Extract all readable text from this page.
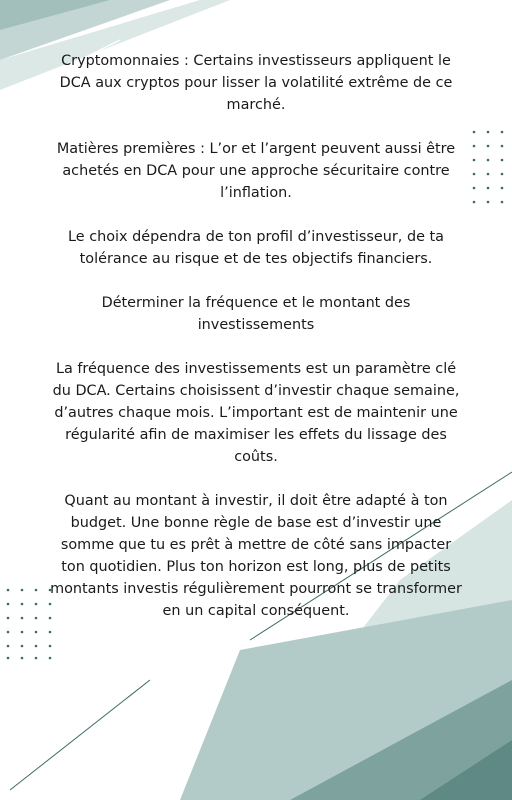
Cryptomonnaies : Certains investisseurs appliquent le DCA aux cryptos pour lisser la volatilité extrême de ce marché.

Matières premières : L’or et l’argent peuvent aussi être achetés en DCA pour une approche sécuritaire contre l’inflation.

Le choix dépendra de ton profil d’investisseur, de ta tolérance au risque et de tes objectifs financiers.

Déterminer la fréquence et le montant des investissements

La fréquence des investissements est un paramètre clé du DCA. Certains choisissent d’investir chaque semaine, d’autres chaque mois. L’important est de maintenir une régularité afin de maximiser les effets du lissage des coûts.

Quant au montant à investir, il doit être adapté à ton budget. Une bonne règle de base est d’investir une somme que tu es prêt à mettre de côté sans impacter ton quotidien. Plus ton horizon est long, plus de petits montants investis régulièrement pourront se transformer en un capital conséquent.
